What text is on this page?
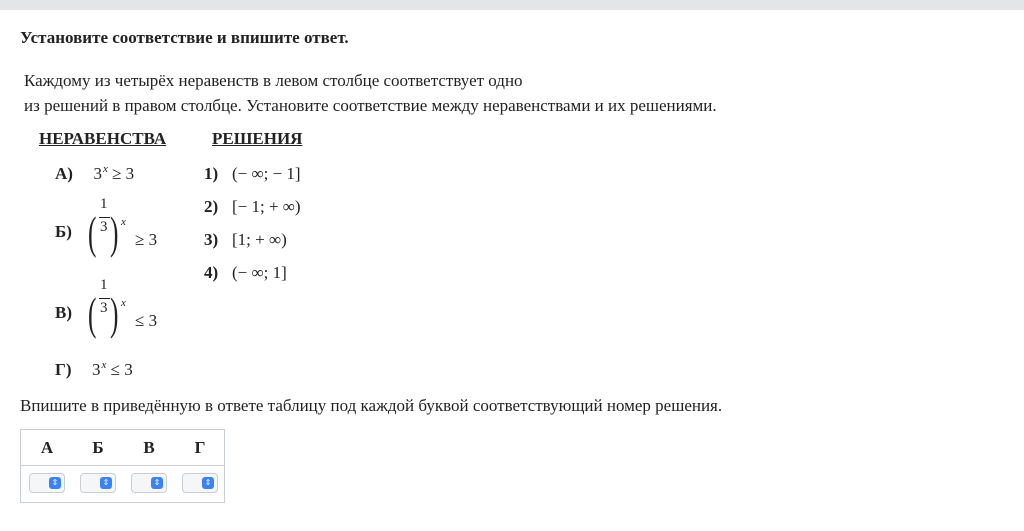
Установите соответствие и впишите ответ.
Каждому из четырёх неравенств в левом столбце соответствует одно
из решений в правом столбце. Установите соответствие между неравенствами и их решениями.
НЕРАВЕНСТВА	РЕШЕНИЯ
А) $3^x \ge 3$
Б)
1
( 3 ) x
≥ 3
В)
1
( 3 ) x
≤ 3
Г) $3^x \le 3$
1) (− ∞; − 1]
2) [− 1; + ∞)
3) [1; + ∞)
4) (− ∞; 1]
Впишите в приведённую в ответе таблицу под каждой буквой соответствующий номер решения.
А	Б	В	Г
⇕	⇕	⇕	⇕
